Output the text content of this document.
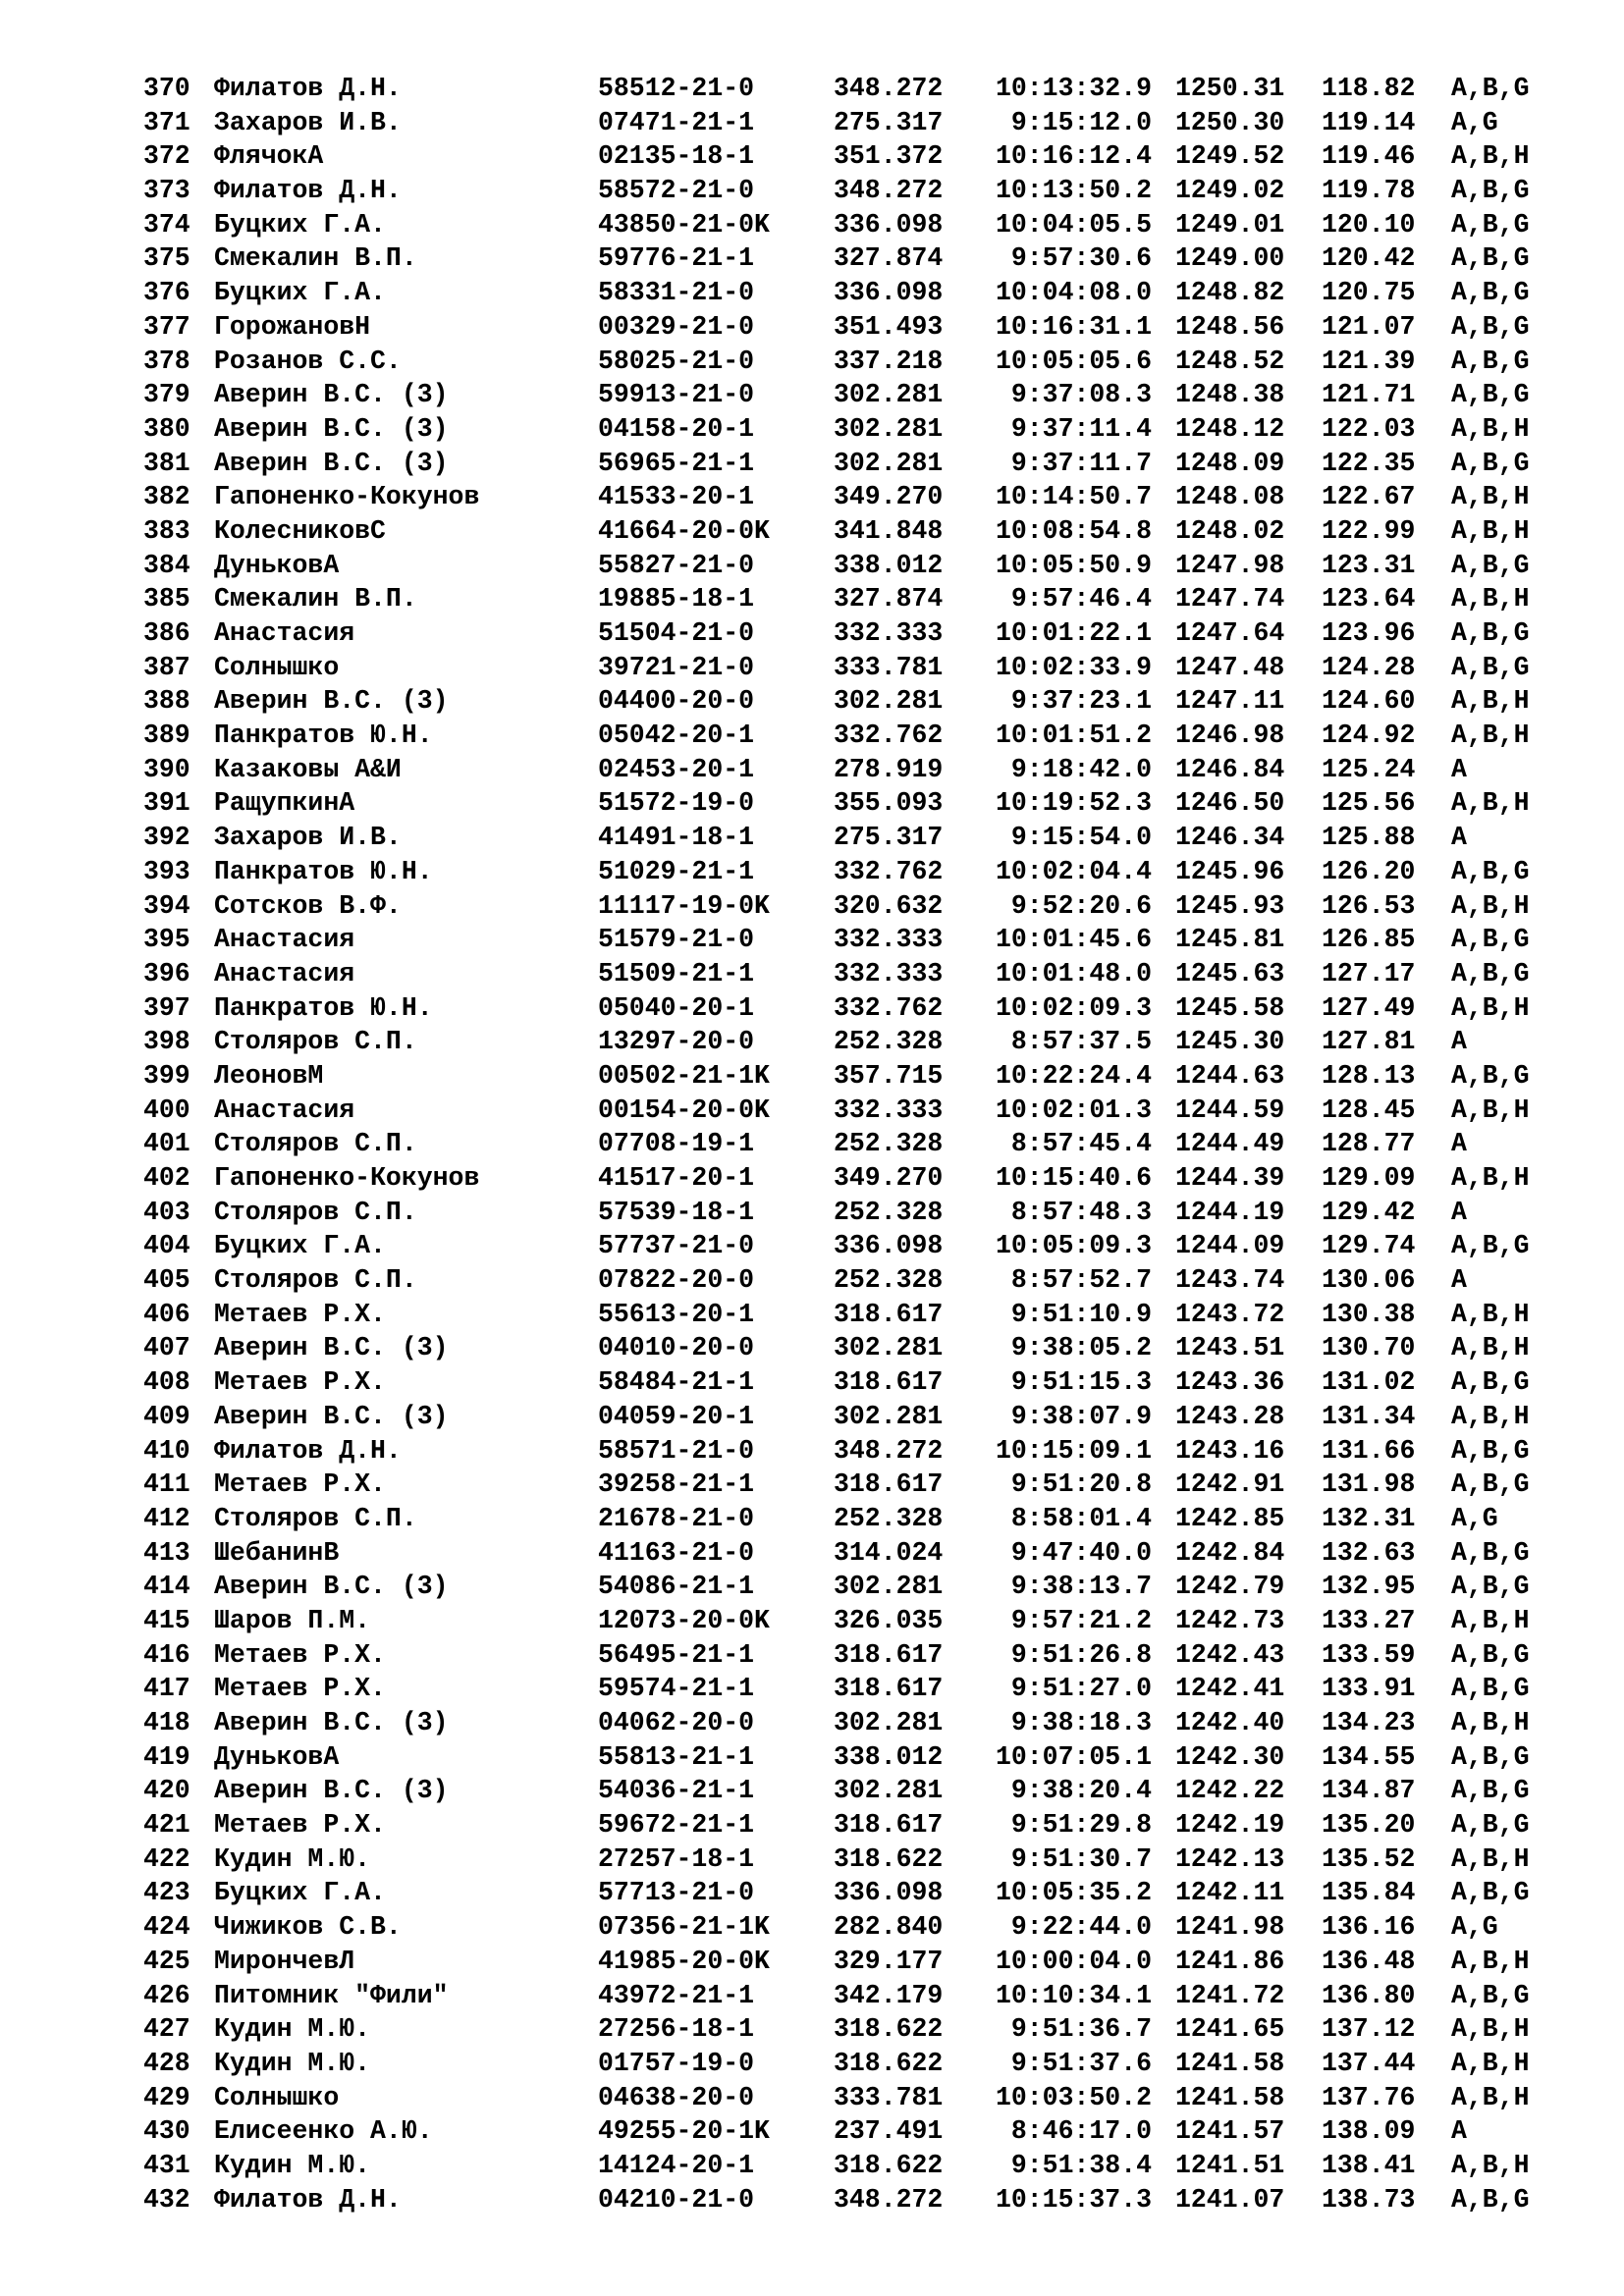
370 Филатов Д.Н.	58512-21-0	348.272	10:13:32.9 1250.31 118.82 A,B,G
371 Захаров И.В.	07471-21-1	275.317	9:15:12.0 1250.30 119.14 A,G
372 ФлячокА	02135-18-1	351.372	10:16:12.4 1249.52 119.46 A,B,H
373 Филатов Д.Н.	58572-21-0	348.272	10:13:50.2 1249.02 119.78 A,B,G
374 Буцких Г.А.	43850-21-0K 336.098	10:04:05.5 1249.01 120.10 A,B,G
375 Смекалин В.П.	59776-21-1	327.874	9:57:30.6 1249.00 120.42 A,B,G
376 Буцких Г.А.	58331-21-0	336.098	10:04:08.0 1248.82 120.75 A,B,G
377 ГорожановН	00329-21-0	351.493	10:16:31.1 1248.56 121.07 A,B,G
378 Розанов С.С.	58025-21-0	337.218	10:05:05.6 1248.52 121.39 A,B,G
379 Аверин В.С. (3)	59913-21-0	302.281	9:37:08.3 1248.38 121.71 A,B,G
380 Аверин В.С. (3)	04158-20-1	302.281	9:37:11.4 1248.12 122.03 A,B,H
381 Аверин В.С. (3)	56965-21-1	302.281	9:37:11.7 1248.09 122.35 A,B,G
382 Гапоненко-Кокунов	41533-20-1	349.270	10:14:50.7 1248.08 122.67 A,B,H
383 КолесниковС	41664-20-0K 341.848	10:08:54.8 1248.02 122.99 A,B,H
384 ДуньковА	55827-21-0	338.012	10:05:50.9 1247.98 123.31 A,B,G
385 Смекалин В.П.	19885-18-1	327.874	9:57:46.4 1247.74 123.64 A,B,H
386 Анастасия	51504-21-0	332.333	10:01:22.1 1247.64 123.96 A,B,G
387 Солнышко	39721-21-0	333.781	10:02:33.9 1247.48 124.28 A,B,G
388 Аверин В.С. (3)	04400-20-0	302.281	9:37:23.1 1247.11 124.60 A,B,H
389 Панкратов Ю.Н.	05042-20-1	332.762	10:01:51.2 1246.98 124.92 A,B,H
390 Казаковы А&И	02453-20-1	278.919	9:18:42.0 1246.84 125.24 A
391 РащупкинА	51572-19-0	355.093	10:19:52.3 1246.50 125.56 A,B,H
392 Захаров И.В.	41491-18-1	275.317	9:15:54.0 1246.34 125.88 A
393 Панкратов Ю.Н.	51029-21-1	332.762	10:02:04.4 1245.96 126.20 A,B,G
394 Сотсков В.Ф.	11117-19-0K 320.632	9:52:20.6 1245.93 126.53 A,B,H
395 Анастасия	51579-21-0	332.333	10:01:45.6 1245.81 126.85 A,B,G
396 Анастасия	51509-21-1	332.333	10:01:48.0 1245.63 127.17 A,B,G
397 Панкратов Ю.Н.	05040-20-1	332.762	10:02:09.3 1245.58 127.49 A,B,H
398 Столяров С.П.	13297-20-0	252.328	8:57:37.5 1245.30 127.81 A
399 ЛеоновМ	00502-21-1K 357.715	10:22:24.4 1244.63 128.13 A,B,G
400 Анастасия	00154-20-0K 332.333	10:02:01.3 1244.59 128.45 A,B,H
401 Столяров С.П.	07708-19-1	252.328	8:57:45.4 1244.49 128.77 A
402 Гапоненко-Кокунов	41517-20-1	349.270	10:15:40.6 1244.39 129.09 A,B,H
403 Столяров С.П.	57539-18-1	252.328	8:57:48.3 1244.19 129.42 A
404 Буцких Г.А.	57737-21-0	336.098	10:05:09.3 1244.09 129.74 A,B,G
405 Столяров С.П.	07822-20-0	252.328	8:57:52.7 1243.74 130.06 A
406 Метаев Р.Х.	55613-20-1	318.617	9:51:10.9 1243.72 130.38 A,B,H
407 Аверин В.С. (3)	04010-20-0	302.281	9:38:05.2 1243.51 130.70 A,B,H
408 Метаев Р.Х.	58484-21-1	318.617	9:51:15.3 1243.36 131.02 A,B,G
409 Аверин В.С. (3)	04059-20-1	302.281	9:38:07.9 1243.28 131.34 A,B,H
410 Филатов Д.Н.	58571-21-0	348.272	10:15:09.1 1243.16 131.66 A,B,G
411 Метаев Р.Х.	39258-21-1	318.617	9:51:20.8 1242.91 131.98 A,B,G
412 Столяров С.П.	21678-21-0	252.328	8:58:01.4 1242.85 132.31 A,G
413 ШебанинВ	41163-21-0	314.024	9:47:40.0 1242.84 132.63 A,B,G
414 Аверин В.С. (3)	54086-21-1	302.281	9:38:13.7 1242.79 132.95 A,B,G
415 Шаров П.М.	12073-20-0K 326.035	9:57:21.2 1242.73 133.27 A,B,H
416 Метаев Р.Х.	56495-21-1	318.617	9:51:26.8 1242.43 133.59 A,B,G
417 Метаев Р.Х.	59574-21-1	318.617	9:51:27.0 1242.41 133.91 A,B,G
418 Аверин В.С. (3)	04062-20-0	302.281	9:38:18.3 1242.40 134.23 A,B,H
419 ДуньковА	55813-21-1	338.012	10:07:05.1 1242.30 134.55 A,B,G
420 Аверин В.С. (3)	54036-21-1	302.281	9:38:20.4 1242.22 134.87 A,B,G
421 Метаев Р.Х.	59672-21-1	318.617	9:51:29.8 1242.19 135.20 A,B,G
422 Кудин М.Ю.	27257-18-1	318.622	9:51:30.7 1242.13 135.52 A,B,H
423 Буцких Г.А.	57713-21-0	336.098	10:05:35.2 1242.11 135.84 A,B,G
424 Чижиков С.В.	07356-21-1K 282.840	9:22:44.0 1241.98 136.16 A,G
425 МирончевЛ	41985-20-0K 329.177	10:00:04.0 1241.86 136.48 A,B,H
426 Питомник "Фили"	43972-21-1	342.179	10:10:34.1 1241.72 136.80 A,B,G
427 Кудин М.Ю.	27256-18-1	318.622	9:51:36.7 1241.65 137.12 A,B,H
428 Кудин М.Ю.	01757-19-0	318.622	9:51:37.6 1241.58 137.44 A,B,H
429 Солнышко	04638-20-0	333.781	10:03:50.2 1241.58 137.76 A,B,H
430 Елисеенко А.Ю.	49255-20-1K 237.491	8:46:17.0 1241.57 138.09 A
431 Кудин М.Ю.	14124-20-1	318.622	9:51:38.4 1241.51 138.41 A,B,H
432 Филатов Д.Н.	04210-21-0	348.272	10:15:37.3 1241.07 138.73 A,B,G
